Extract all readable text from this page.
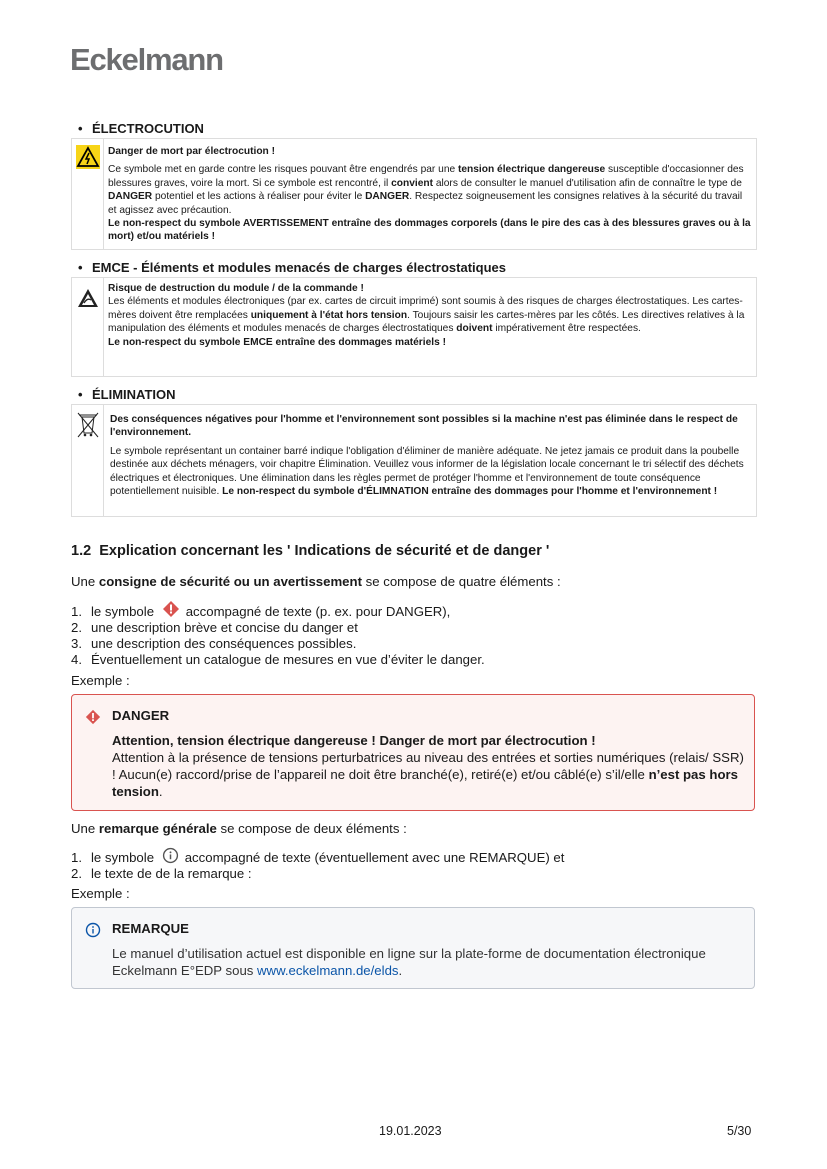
Eckelmann
• ÉLECTROCUTION

Danger de mort par électrocution !

Ce symbole met en garde contre les risques pouvant être engendrés par une tension électrique dangereuse susceptible d'occasionner des blessures graves, voire la mort. Si ce symbole est rencontré, il convient alors de consulter le manuel d'utilisation afin de connaître le type de DANGER potentiel et les actions à réaliser pour éviter le DANGER. Respectez soigneusement les consignes relatives à la sécurité du travail et agissez avec précaution.

Le non-respect du symbole AVERTISSEMENT entraîne des dommages corporels (dans le pire des cas à des blessures graves ou à la mort) et/ou matériels !

• EMCE - Éléments et modules menacés de charges électrostatiques

Risque de destruction du module / de la commande !

Les éléments et modules électroniques (par ex. cartes de circuit imprimé) sont soumis à des risques de charges électrostatiques. Les cartes-mères doivent être remplacées uniquement à l'état hors tension. Toujours saisir les cartes-mères par les côtés. Les directives relatives à la manipulation des éléments et modules menacés de charges électrostatiques doivent impérativement être respectées.

Le non-respect du symbole EMCE entraîne des dommages matériels !

• ÉLIMINATION

Des conséquences négatives pour l'homme et l'environnement sont possibles si la machine n'est pas éliminée dans le respect de l'environnement.

Le symbole représentant un container barré indique l'obligation d'éliminer de manière adéquate. Ne jetez jamais ce produit dans la poubelle destinée aux déchets ménagers, voir chapitre Élimination. Veuillez vous informer de la législation locale concernant le tri sélectif des déchets électriques et électroniques. Une élimination dans les règles permet de protéger l'homme et l'environnement de toute conséquence potentiellement nuisible. Le non-respect du symbole d'ÉLIMNATION entraîne des dommages pour l'homme et l'environnement !

1.2 Explication concernant les ' Indications de sécurité et de danger '
Une consigne de sécurité ou un avertissement se compose de quatre éléments :
1. le symbole accompagné de texte (p. ex. pour DANGER),
2. une description brève et concise du danger et
3. une description des conséquences possibles.
4. Éventuellement un catalogue de mesures en vue d’éviter le danger.
Exemple :
DANGER
Attention, tension électrique dangereuse ! Danger de mort par électrocution !
Attention à la présence de tensions perturbatrices au niveau des entrées et sorties numériques (relais/ SSR) ! Aucun(e) raccord/prise de l’appareil ne doit être branché(e), retiré(e) et/ou câblé(e) s’il/elle n’est pas hors tension.
Une remarque générale se compose de deux éléments :
1. le symbole accompagné de texte (éventuellement avec une REMARQUE) et
2. le texte de de la remarque :
Exemple :
REMARQUE
Le manuel d’utilisation actuel est disponible en ligne sur la plate-forme de documentation électronique Eckelmann E°EDP sous www.eckelmann.de/elds.
19.01.2023	5/30
